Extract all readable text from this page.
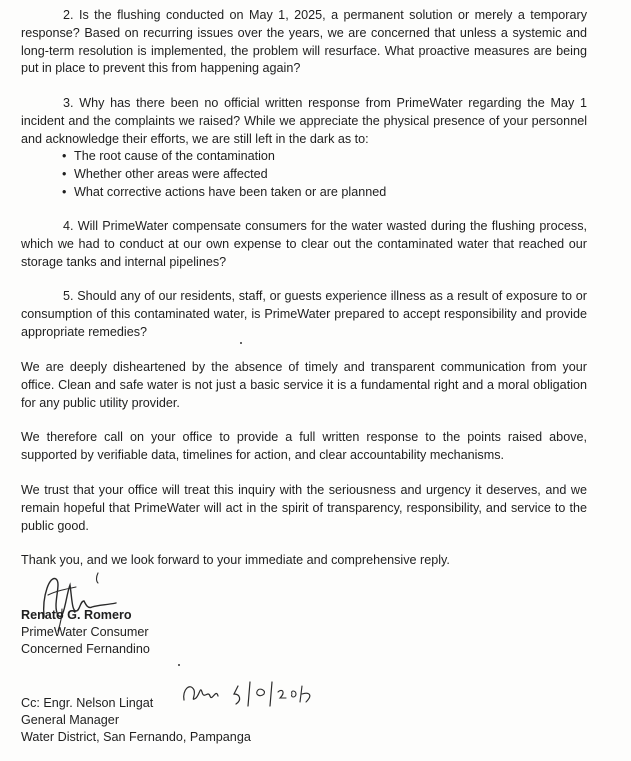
2. Is the flushing conducted on May 1, 2025, a permanent solution or merely a temporary response? Based on recurring issues over the years, we are concerned that unless a systemic and long-term resolution is implemented, the problem will resurface. What proactive measures are being put in place to prevent this from happening again?

3. Why has there been no official written response from PrimeWater regarding the May 1 incident and the complaints we raised? While we appreciate the physical presence of your personnel and acknowledge their efforts, we are still left in the dark as to:

• The root cause of the contamination
• Whether other areas were affected
• What corrective actions have been taken or are planned

4. Will PrimeWater compensate consumers for the water wasted during the flushing process, which we had to conduct at our own expense to clear out the contaminated water that reached our storage tanks and internal pipelines?

5. Should any of our residents, staff, or guests experience illness as a result of exposure to or consumption of this contaminated water, is PrimeWater prepared to accept responsibility and provide appropriate remedies?

We are deeply disheartened by the absence of timely and transparent communication from your office. Clean and safe water is not just a basic service it is a fundamental right and a moral obligation for any public utility provider.

We therefore call on your office to provide a full written response to the points raised above, supported by verifiable data, timelines for action, and clear accountability mechanisms.

We trust that your office will treat this inquiry with the seriousness and urgency it deserves, and we remain hopeful that PrimeWater will act in the spirit of transparency, responsibility, and service to the public good.

Thank you, and we look forward to your immediate and comprehensive reply.

Renato G. Romero

PrimeWater Consumer

Concerned Fernandino

Cc: Engr. Nelson Lingat

General Manager

Water District, San Fernando, Pampanga
